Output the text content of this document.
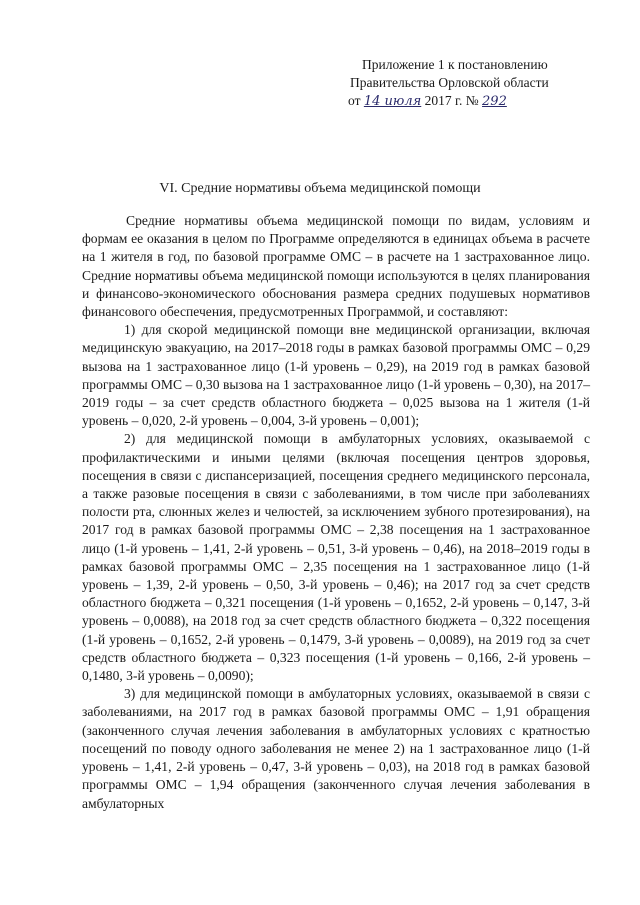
Приложение 1 к постановлению
Правительства Орловской области
от 14 июля 2017 г. № 292
VI. Средние нормативы объема медицинской помощи

Средние нормативы объема медицинской помощи по видам, условиям и формам ее оказания в целом по Программе определяются в единицах объема в расчете на 1 жителя в год, по базовой программе ОМС – в расчете на 1 застрахованное лицо. Средние нормативы объема медицинской помощи используются в целях планирования и финансово-экономического обоснования размера средних подушевых нормативов финансового обеспечения, предусмотренных Программой, и составляют:

1) для скорой медицинской помощи вне медицинской организации, включая медицинскую эвакуацию, на 2017–2018 годы в рамках базовой программы ОМС – 0,29 вызова на 1 застрахованное лицо (1-й уровень – 0,29), на 2019 год в рамках базовой программы ОМС – 0,30 вызова на 1 застрахованное лицо (1-й уровень – 0,30), на 2017–2019 годы – за счет средств областного бюджета – 0,025 вызова на 1 жителя (1-й уровень – 0,020, 2-й уровень – 0,004, 3-й уровень – 0,001);

2) для медицинской помощи в амбулаторных условиях, оказываемой с профилактическими и иными целями (включая посещения центров здоровья, посещения в связи с диспансеризацией, посещения среднего медицинского персонала, а также разовые посещения в связи с заболеваниями, в том числе при заболеваниях полости рта, слюнных желез и челюстей, за исключением зубного протезирования), на 2017 год в рамках базовой программы ОМС – 2,38 посещения на 1 застрахованное лицо (1-й уровень – 1,41, 2-й уровень – 0,51, 3-й уровень – 0,46), на 2018–2019 годы в рамках базовой программы ОМС – 2,35 посещения на 1 застрахованное лицо (1-й уровень – 1,39, 2-й уровень – 0,50, 3-й уровень – 0,46); на 2017 год за счет средств областного бюджета – 0,321 посещения (1-й уровень – 0,1652, 2-й уровень – 0,147, 3-й уровень – 0,0088), на 2018 год за счет средств областного бюджета – 0,322 посещения (1-й уровень – 0,1652, 2-й уровень – 0,1479, 3-й уровень – 0,0089), на 2019 год за счет средств областного бюджета – 0,323 посещения (1-й уровень – 0,166, 2-й уровень – 0,1480, 3-й уровень – 0,0090);

3) для медицинской помощи в амбулаторных условиях, оказываемой в связи с заболеваниями, на 2017 год в рамках базовой программы ОМС – 1,91 обращения (законченного случая лечения заболевания в амбулаторных условиях с кратностью посещений по поводу одного заболевания не менее 2) на 1 застрахованное лицо (1-й уровень – 1,41, 2-й уровень – 0,47, 3-й уровень – 0,03), на 2018 год в рамках базовой программы ОМС – 1,94 обращения (законченного случая лечения заболевания в амбулаторных
